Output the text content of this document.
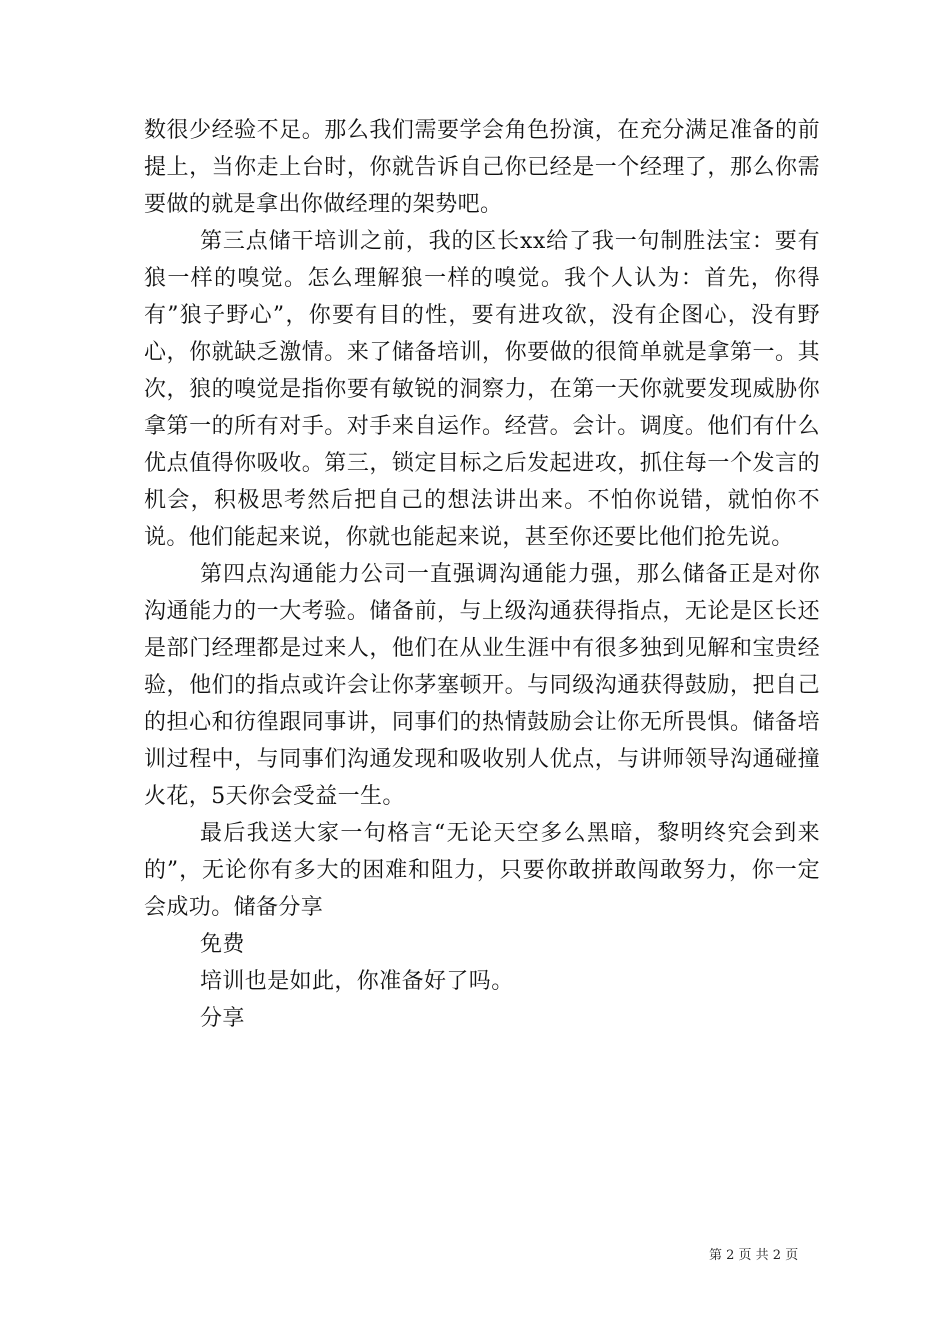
数很少经验不足。那么我们需要学会角色扮演，在充分满足准备的前提上，当你走上台时，你就告诉自己你已经是一个经理了，那么你需要做的就是拿出你做经理的架势吧。

第三点储干培训之前，我的区长xx给了我一句制胜法宝：要有狼一样的嗅觉。怎么理解狼一样的嗅觉。我个人认为：首先，你得有”狼子野心”，你要有目的性，要有进攻欲，没有企图心，没有野心，你就缺乏激情。来了储备培训，你要做的很简单就是拿第一。其次，狼的嗅觉是指你要有敏锐的洞察力，在第一天你就要发现威胁你拿第一的所有对手。对手来自运作。经营。会计。调度。他们有什么优点值得你吸收。第三，锁定目标之后发起进攻，抓住每一个发言的机会，积极思考然后把自己的想法讲出来。不怕你说错，就怕你不说。他们能起来说，你就也能起来说，甚至你还要比他们抢先说。

第四点沟通能力公司一直强调沟通能力强，那么储备正是对你沟通能力的一大考验。储备前，与上级沟通获得指点，无论是区长还是部门经理都是过来人，他们在从业生涯中有很多独到见解和宝贵经验，他们的指点或许会让你茅塞顿开。与同级沟通获得鼓励，把自己的担心和彷徨跟同事讲，同事们的热情鼓励会让你无所畏惧。储备培训过程中，与同事们沟通发现和吸收别人优点，与讲师领导沟通碰撞火花，5天你会受益一生。

最后我送大家一句格言“无论天空多么黑暗，黎明终究会到来的”，无论你有多大的困难和阻力，只要你敢拼敢闯敢努力，你一定会成功。储备分享

免费

培训也是如此，你准备好了吗。

分享

第 2 页 共 2 页
